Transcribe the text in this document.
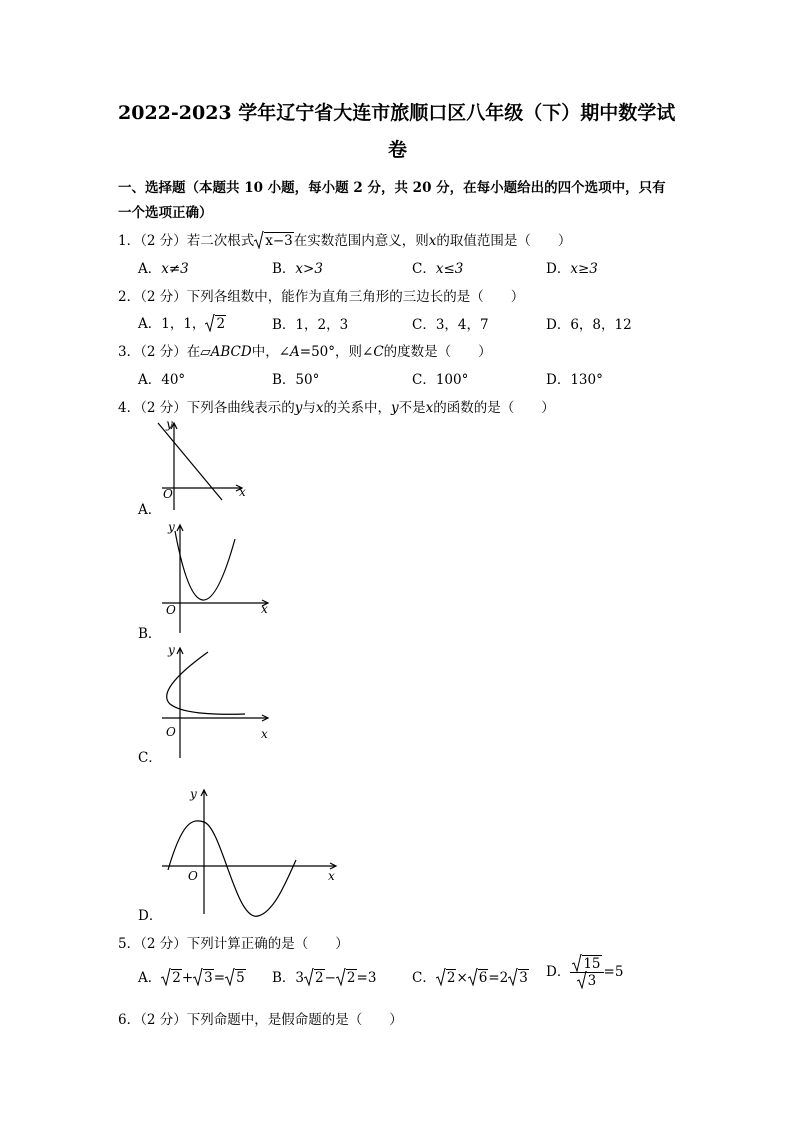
2022-2023 学年辽宁省大连市旅顺口区八年级（下）期中数学试
卷
一、选择题（本题共 10 小题，每小题 2 分，共 20 分，在每小题给出的四个选项中，只有
一个选项正确）
1．（2 分）若二次根式 x−3在实数范围内意义，则x的取值范围是（　　）
A．x≠3	B．x>3	C．x≤3	D．x≥3
2．（2 分）下列各组数中，能作为直角三角形的三边长的是（　　）
A．1，1， 2	B．1，2，3	C．3，4，7	D．6，8，12
3．（2 分）在▱ABCD中，∠A=50°，则∠C的度数是（　　）
A．40°	B．50°	C．100°	D．130°
4．（2 分）下列各曲线表示的y与x的关系中，y不是x的函数的是（　　）
y
O	x
A．
y
O	x
B．
y
O	x
C．
y
O	x
D．
5．（2 分）下列计算正确的是（　　）
A． 2+ 3= 5 B．3 2− 2=3	C． 2× 6=2 3 D． $\frac{15}{3} =5$
6．（2 分）下列命题中，是假命题的是（　　）
